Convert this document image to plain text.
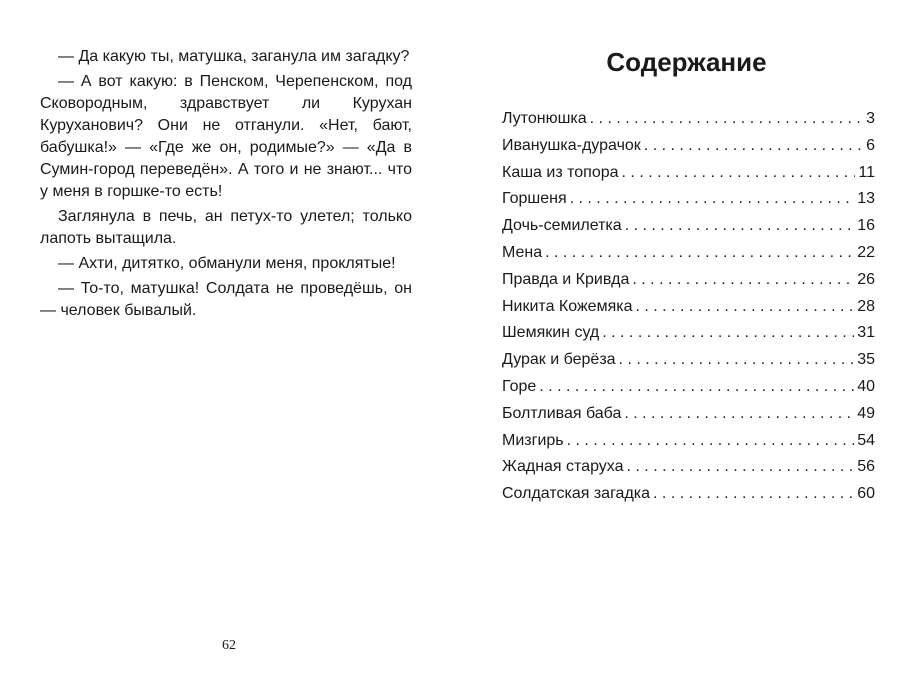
— Да какую ты, матушка, заганула им загадку?

— А вот какую: в Пенском, Черепенском, под Сковородным, здравствует ли Курухан Куруханович? Они не отганули. «Нет, бают, бабушка!» — «Где же он, родимые?» — «Да в Сумин-город переведён». А того и не знают... что у меня в горшке-то есть!

Заглянула в печь, ан петух-то улетел; только лапоть вытащила.

— Ахти, дитятко, обманули меня, проклятые!

— То-то, матушка! Солдата не проведёшь, он — человек бывалый.

62
Содержание
Лутонюшка . . .	3
Иванушка-дурачок . . .	6
Каша из топора . . .	11
Горшеня . . .	13
Дочь-семилетка . . .	16
Мена . . .	22
Правда и Кривда . . .	26
Никита Кожемяка . . .	28
Шемякин суд . . .	31
Дурак и берёза . . .	35
Горе . . .	40
Болтливая баба . . .	49
Мизгирь . . .	54
Жадная старуха . . .	56
Солдатская загадка . . .	60
